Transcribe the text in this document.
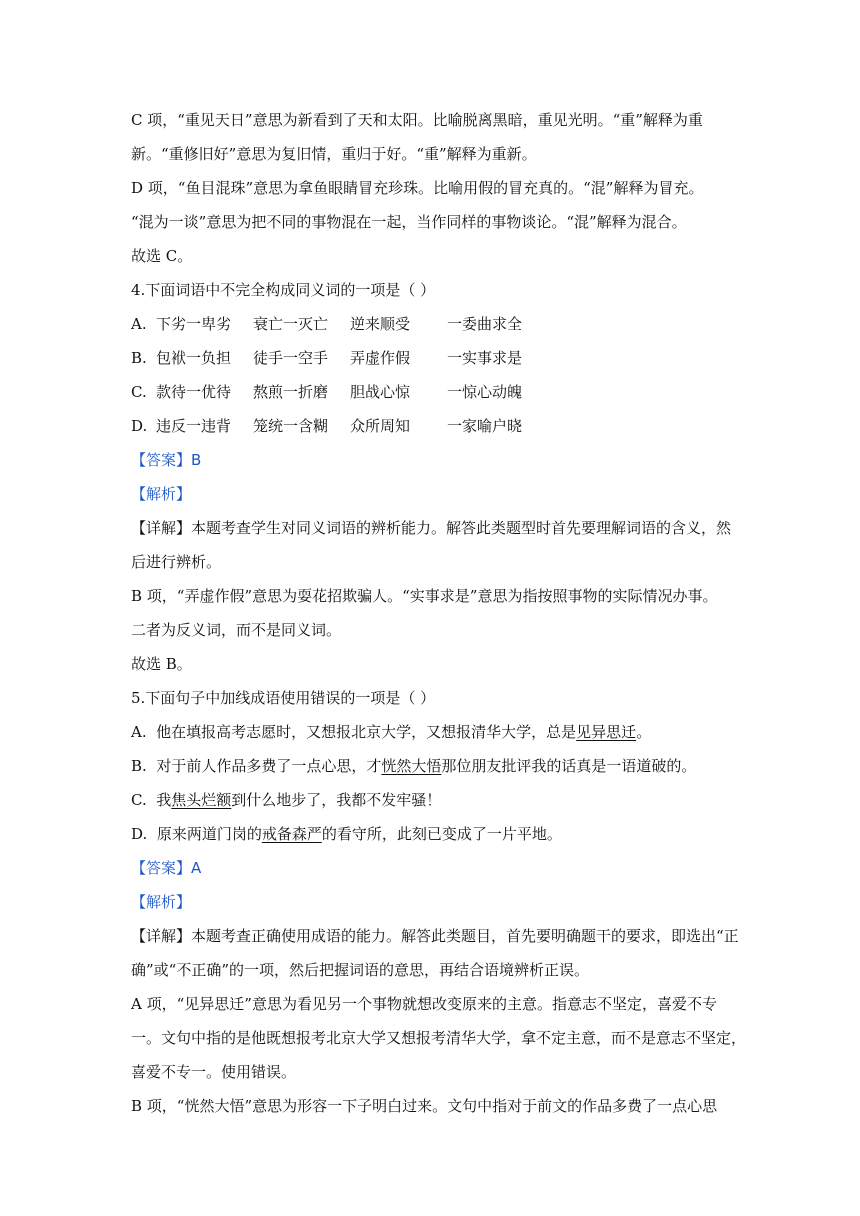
C 项，“重见天日”意思为新看到了天和太阳。比喻脱离黑暗，重见光明。“重”解释为重
新。“重修旧好”意思为复旧情，重归于好。“重”解释为重新。
D 项，“鱼目混珠”意思为拿鱼眼睛冒充珍珠。比喻用假的冒充真的。“混”解释为冒充。
“混为一谈”意思为把不同的事物混在一起，当作同样的事物谈论。“混”解释为混合。
故选 C。
4.下面词语中不完全构成同义词的一项是（ ）
A. 下劣一卑劣	衰亡一灭亡	逆来顺受	一委曲求全
B. 包袱一负担	徒手一空手	弄虚作假	一实事求是
C. 款待一优待	熬煎一折磨	胆战心惊	一惊心动魄
D. 违反一违背	笼统一含糊	众所周知	一家喻户晓
【答案】B
【解析】
【详解】本题考查学生对同义词语的辨析能力。解答此类题型时首先要理解词语的含义，然
后进行辨析。
B 项，“弄虚作假”意思为耍花招欺骗人。“实事求是”意思为指按照事物的实际情况办事。
二者为反义词，而不是同义词。
故选 B。
5.下面句子中加线成语使用错误的一项是（ ）
A. 他在填报高考志愿时，又想报北京大学，又想报清华大学，总是见异思迁。
B. 对于前人作品多费了一点心思，才恍然大悟那位朋友批评我的话真是一语道破的。
C. 我焦头烂额到什么地步了，我都不发牢骚！
D. 原来两道门岗的戒备森严的看守所，此刻已变成了一片平地。
【答案】A
【解析】
【详解】本题考查正确使用成语的能力。解答此类题目，首先要明确题干的要求，即选出“正
确”或“不正确”的一项，然后把握词语的意思，再结合语境辨析正误。
A 项，“见异思迁”意思为看见另一个事物就想改变原来的主意。指意志不坚定，喜爱不专
一。文句中指的是他既想报考北京大学又想报考清华大学，拿不定主意，而不是意志不坚定，
喜爱不专一。使用错误。
B 项，“恍然大悟”意思为形容一下子明白过来。文句中指对于前文的作品多费了一点心思
